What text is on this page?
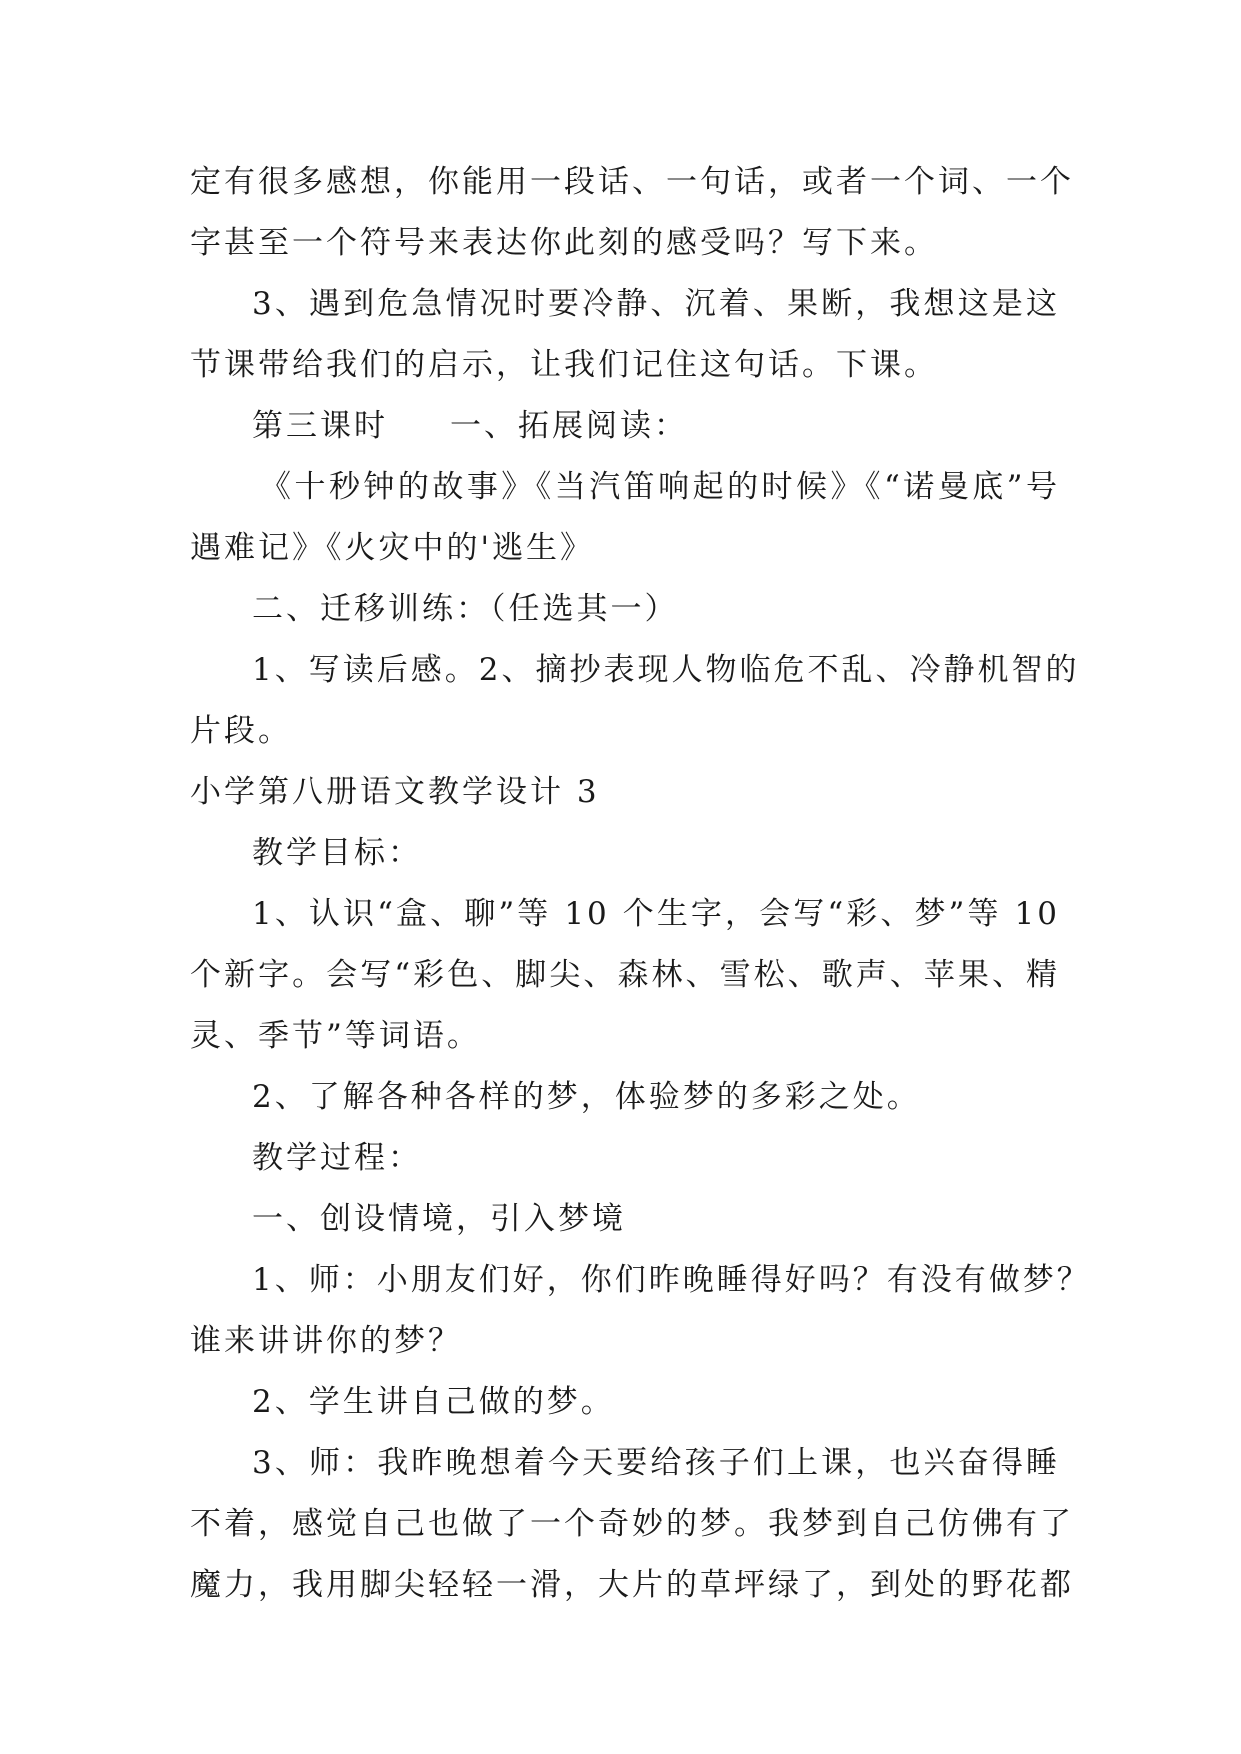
定有很多感想，你能用一段话、一句话，或者一个词、一个
字甚至一个符号来表达你此刻的感受吗？写下来。
3、遇到危急情况时要冷静、沉着、果断，我想这是这
节课带给我们的启示，让我们记住这句话。下课。
第三课时 一、拓展阅读：
《十秒钟的故事》《当汽笛响起的时候》《“诺曼底”号
遇难记》《火灾中的'逃生》
二、迁移训练：（任选其一）
1、写读后感。2、摘抄表现人物临危不乱、冷静机智的
片段。
小学第八册语文教学设计 3
教学目标：
1、认识“盒、聊”等 10 个生字，会写“彩、梦”等 10
个新字。会写“彩色、脚尖、森林、雪松、歌声、苹果、精
灵、季节”等词语。
2、了解各种各样的梦，体验梦的多彩之处。
教学过程：
一、创设情境，引入梦境
1、师：小朋友们好，你们昨晚睡得好吗？有没有做梦？
谁来讲讲你的梦？
2、学生讲自己做的梦。
3、师：我昨晚想着今天要给孩子们上课，也兴奋得睡
不着，感觉自己也做了一个奇妙的梦。我梦到自己仿佛有了
魔力，我用脚尖轻轻一滑，大片的草坪绿了，到处的野花都
